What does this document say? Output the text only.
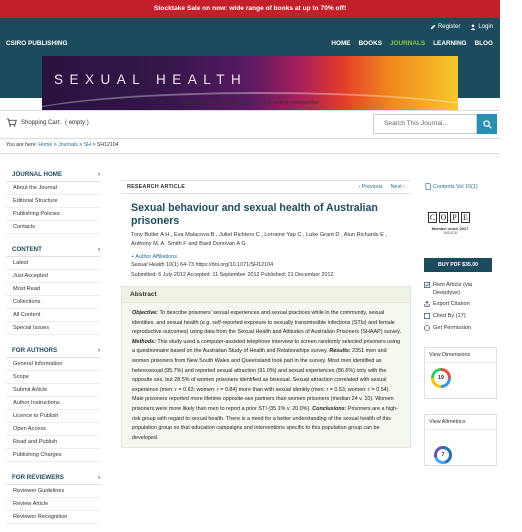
Stocktake Sale on now: wide range of books at up to 70% off!
Register	Login
CSIRO PUBLISHING	HOME BOOKS JOURNALS LEARNING BLOG
SEXUAL HEALTH
Publishing on sexual health from the widest perspective
Shopping Cart: ( empty )	Search This Journal...
You are here: Home > Journals > SH > SH12104
JOURNAL HOME	›
About the Journal
Editorial Structure
Publishing Policies
Contacts
CONTENT	›
Latest
Just Accepted
Most Read
Collections
All Content
Special Issues
FOR AUTHORS	›
General Information
Scope
Submit Article
Author Instructions
Licence to Publish
Open Access
Read and Publish
Publishing Charges
FOR REVIEWERS	›
Reviewer Guidelines
Review Article
Reviewer Recognition
RESEARCH ARTICLE	‹ Previous Next ›
Sexual behaviour and sexual health of Australian prisoners
Tony Butler A H , Eva Malacova B , Juliet Richters C , Lorraine Yap C , Luke Grant D , Alun Richards E ,
Anthony M. A. Smith F and Basil Donovan A G
+ Author Affiliations
Sexual Health 10(1) 64-73 https://doi.org/10.1071/SH12104
Submitted: 6 July 2012 Accepted: 11 September 2012 Published: 21 December 2012
Abstract

Objective: To describe prisoners' sexual experiences and sexual practices while in the community, sexual identities, and sexual health (e.g. self-reported exposure to sexually transmissible infections (STIs) and female reproductive outcomes) using data from the Sexual Health and Attitudes of Australian Prisoners (SHAAP) survey. Methods: This study used a computer-assisted telephone interview to screen randomly selected prisoners using a questionnaire based on the Australian Study of Health and Relationships survey. Results: 2351 men and women prisoners from New South Wales and Queensland took part in the survey. Most men identified as heterosexual (95.7%) and reported sexual attraction (91.0%) and sexual experiences (86.6%) only with the opposite sex, but 28.5% of women prisoners identified as bisexual. Sexual attraction correlated with sexual experience (men: r = 0.63; women: r = 0.84) more than with sexual identity (men: r = 0.53; women: r = 0.54). Male prisoners reported more lifetime opposite-sex partners than women prisoners (median 24 v. 10). Women prisoners were more likely than men to report a prior STI (35.1% v. 20.0%). Conclusions: Prisoners are a high-risk group with regard to sexual health. There is a need for a better understanding of the sexual health of this population group so that education campaigns and interventions specific to this population group can be developed.

Contents Vol 10(1)
C O P E
Member since 2017
JM11026
BUY PDF $35.00
Rent Article (via
Deepdyve)
Export Citation
Cited By (17)
Get Permission
View Dimensions
19
View Altmetrics
7
